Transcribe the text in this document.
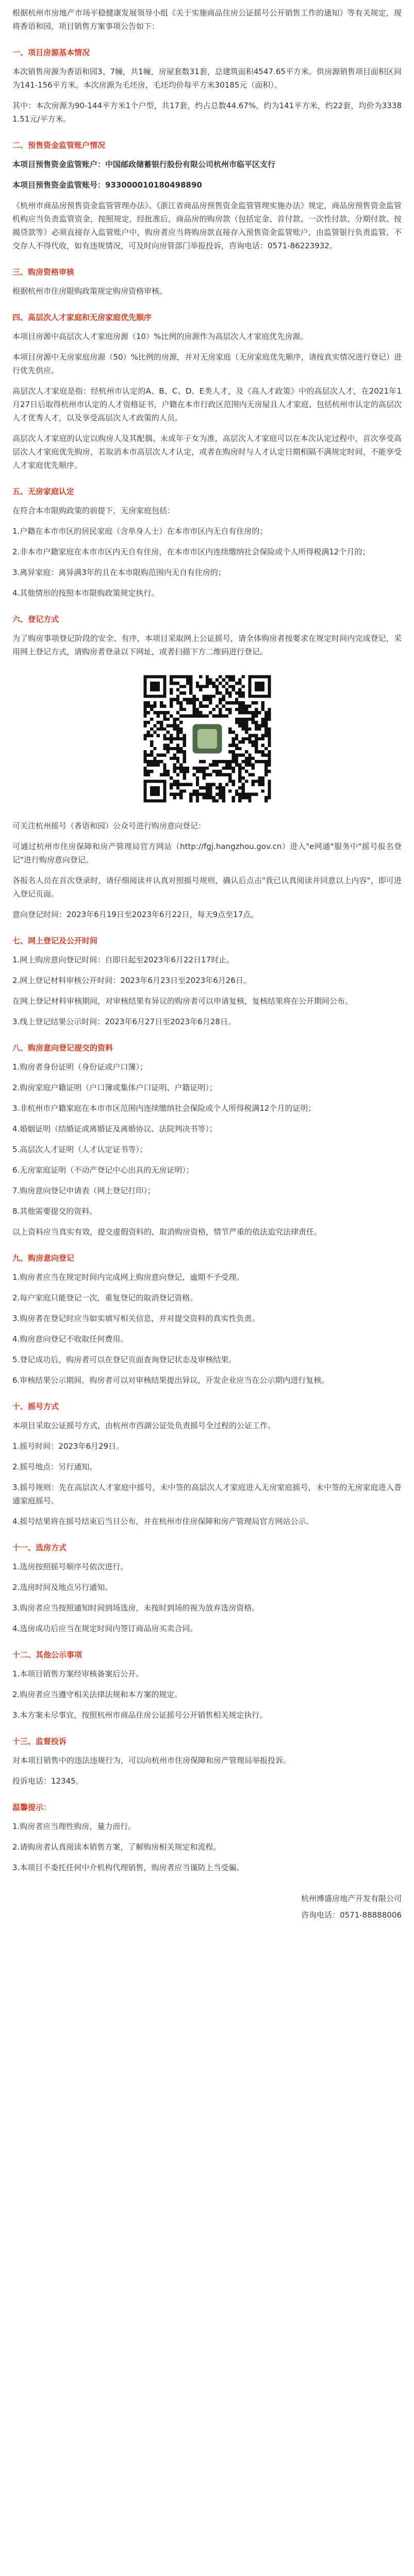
根据杭州市房地产市场平稳健康发展领导小组《关于实施商品住房公证摇号公开销售工作的通知》等有关规定，现将香语和园，项目销售方案事项公告如下：

一、项目房源基本情况

本次销售房源为香语和园3、7幢，共1幢，房屋套数31套，总建筑面积4547.65平方米。供房源销售项目面积区间为141-156平方米。本次房源为毛坯房，毛坯均价每平方米30185元（面积）。

其中：本次房源为90-144平方米1个户型，共17套，约占总数44.67%，约为141平方米，约22套，均价为33381.51元/平方米。

二、预售资金监管账户情况

本项目预售资金监管账户：中国邮政储蓄银行股份有限公司杭州市临平区支行

本项目预售资金监管账号：933000010180498890

《杭州市商品房预售资金监管管理办法》、《浙江省商品房预售资金监管管理实施办法》规定，商品房预售资金监管机构应当负责监管资金，按照规定，经批准后，商品房的购房款（包括定金、首付款、一次性付款、分期付款、按揭贷款等）必须直接存入监管账户中，购房者应当将购房款直接存入预售资金监管账户，由监管银行负责监管，不交存人不得代收，如有违规情况，可及时向房管部门举报投诉，咨询电话：0571-86223932。

三、购房资格审核

根据杭州市住房限购政策规定购房资格审核。

四、高层次人才家庭和无房家庭优先顺序

本项目房源中高层次人才家庭房源（10）%比例的房源作为高层次人才家庭优先房源。

本项目房源中无房家庭房源（50）%比例的房源，并对无房家庭（无房家庭优先顺序，请按真实情况进行登记）进行优先供应。

高层次人才家庭是指：经杭州市认定的A、B、C、D、E类人才，及《高人才政策》中的高层次人才，在2021年1月27日后取得杭州市认定的人才资格证书，户籍在本市行政区范围内无房屋且人才家庭、包括杭州市认定的高层次人才优秀人才，以及享受高层次人才政策的人员。

高层次人才家庭的认定以购房人及其配偶、未成年子女为准，高层次人才家庭可以在本次认定过程中，首次享受高层次人才家庭优先购房，若取消本市高层次人才认定，或者在购房时与人才认定日期相隔不满规定时间，不能享受人才家庭优先顺序。

五、无房家庭认定

在符合本市限购政策的前提下，无房家庭包括：

1.户籍在本市市区的居民家庭（含单身人士）在本市市区内无自有住房的；

2.非本市户籍家庭在本市市区内无自有住房，在本市市区内连续缴纳社会保险或个人所得税满12个月的；

3.离异家庭：离异满3年的且在本市限购范围内无自有住房的；

4.其他情形的按照本市限购政策规定执行。

六、登记方式

为了购房事项登记阶段的安全、有序，本项目采取网上公证摇号，请全体购房者按要求在规定时间内完成登记，采用网上登记方式，请购房者登录以下网址，或者扫描下方二维码进行登记。

可关注杭州摇号（香语和园）公众号进行购房意向登记：

可通过杭州市住房保障和房产管理局官方网站（http://fgj.hangzhou.gov.cn）进入"e网通"服务中"摇号报名登记"进行购房意向登记。

各报名人员在首次登录时，请仔细阅读并认真对照摇号规则，确认后点击"我已认真阅读并同意以上内容"，即可进入登记页面。

意向登记时间：2023年6月19日至2023年6月22日，每天9点至17点。

七、网上登记及公开时间

1.网上购房意向登记时间：自即日起至2023年6月22日17时止。

2.网上登记材料审核公开时间：2023年6月23日至2023年6月26日。

在网上登记材料审核期间，对审核结果有异议的购房者可以申请复核，复核结果将在公开期间公布。

3.线上登记结果公示时间：2023年6月27日至2023年6月28日。

八、购房意向登记提交的资料

1.购房者身份证明（身份证或户口簿）；

2.购房家庭户籍证明（户口簿或集体户口证明、户籍证明）；

3.非杭州市户籍家庭在本市市区范围内连续缴纳社会保险或个人所得税满12个月的证明；

4.婚姻证明（结婚证或离婚证及离婚协议、法院判决书等）；

5.高层次人才证明（人才认定证书等）；

6.无房家庭证明（不动产登记中心出具的无房证明）；

7.购房意向登记申请表（网上登记打印）；

8.其他需要提交的资料。

以上资料应当真实有效，提交虚假资料的，取消购房资格，情节严重的依法追究法律责任。

九、购房意向登记

1.购房者应当在规定时间内完成网上购房意向登记，逾期不予受理。

2.每户家庭只能登记一次，重复登记的取消登记资格。

3.购房者在登记时应当如实填写相关信息，并对提交资料的真实性负责。

4.购房意向登记不收取任何费用。

5.登记成功后，购房者可以在登记页面查询登记状态及审核结果。

6.审核结果公示期间，购房者可以对审核结果提出异议，开发企业应当在公示期内进行复核。

十、摇号方式

本项目采取公证摇号方式，由杭州市西湖公证处负责摇号全过程的公证工作。

1.摇号时间：2023年6月29日。

2.摇号地点：另行通知。

3.摇号规则：先在高层次人才家庭中摇号，未中签的高层次人才家庭进入无房家庭摇号，未中签的无房家庭进入普通家庭摇号。

4.摇号结果将在摇号结束后当日公布，并在杭州市住房保障和房产管理局官方网站公示。

十一、选房方式

1.选房按照摇号顺序号依次进行。

2.选房时间及地点另行通知。

3.购房者应当按照通知时间到场选房，未按时到场的视为放弃选房资格。

4.选房成功后应当在规定时间内签订商品房买卖合同。

十二、其他公示事项

1.本项目销售方案经审核备案后公开。

2.购房者应当遵守相关法律法规和本方案的规定。

3.本方案未尽事宜，按照杭州市商品住房公证摇号公开销售相关规定执行。

十三、监督投诉

对本项目销售中的违法违规行为，可以向杭州市住房保障和房产管理局举报投诉。

投诉电话：12345。

温馨提示：

1.购房者应当理性购房，量力而行。

2.请购房者认真阅读本销售方案，了解购房相关规定和流程。

3.本项目不委托任何中介机构代理销售，购房者应当谨防上当受骗。

杭州博盛房地产开发有限公司

咨询电话：0571-88888006
